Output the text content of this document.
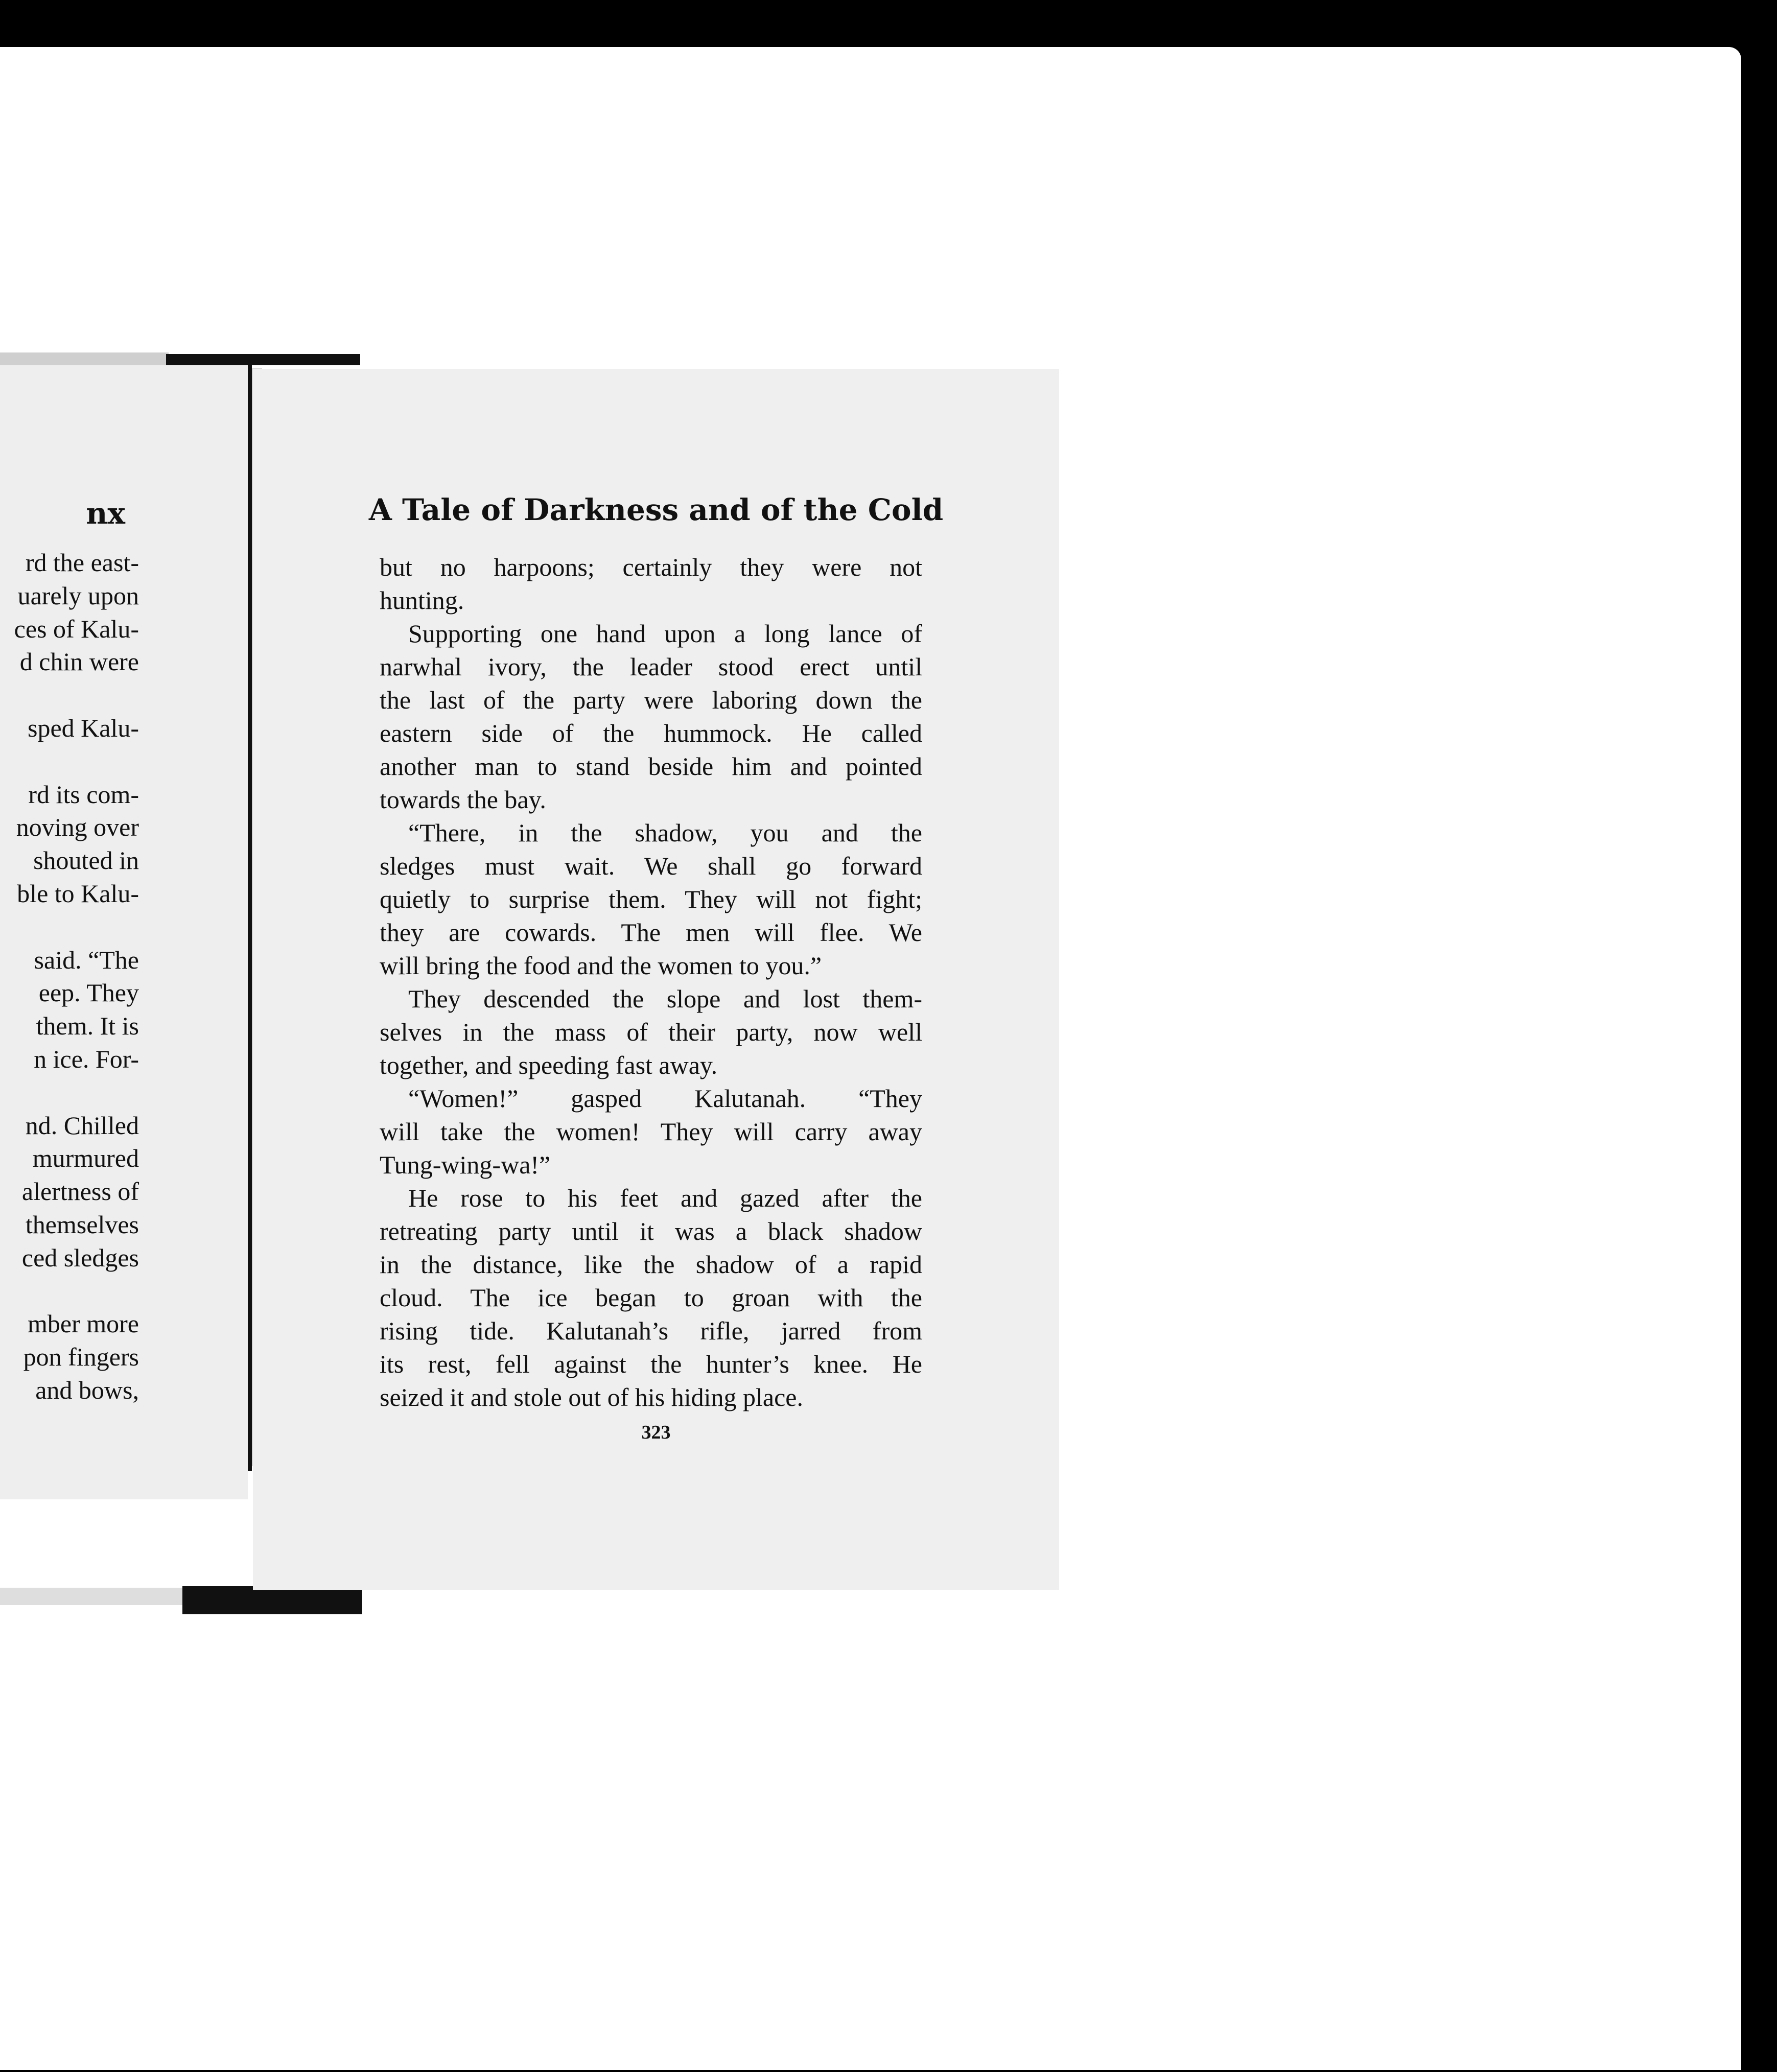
nx
rd the east-
uarely upon
ces of Kalu-
d chin were
sped Kalu-
rd its com-
noving over
shouted in
ble to Kalu-
said. “The
eep. They
them. It is
n ice. For-
nd. Chilled
murmured
alertness of
themselves
ced sledges
mber more
pon fingers
and bows,
A Tale of Darkness and of the Cold
but no harpoons; certainly they were not
hunting.
Supporting one hand upon a long lance of
narwhal ivory, the leader stood erect until
the last of the party were laboring down the
eastern side of the hummock. He called
another man to stand beside him and pointed
towards the bay.
“There, in the shadow, you and the
sledges must wait. We shall go forward
quietly to surprise them. They will not fight;
they are cowards. The men will flee. We
will bring the food and the women to you.”
They descended the slope and lost them-
selves in the mass of their party, now well
together, and speeding fast away.
“Women!” gasped Kalutanah. “They
will take the women! They will carry away
Tung-wing-wa!”
He rose to his feet and gazed after the
retreating party until it was a black shadow
in the distance, like the shadow of a rapid
cloud. The ice began to groan with the
rising tide. Kalutanah’s rifle, jarred from
its rest, fell against the hunter’s knee. He
seized it and stole out of his hiding place.
323
